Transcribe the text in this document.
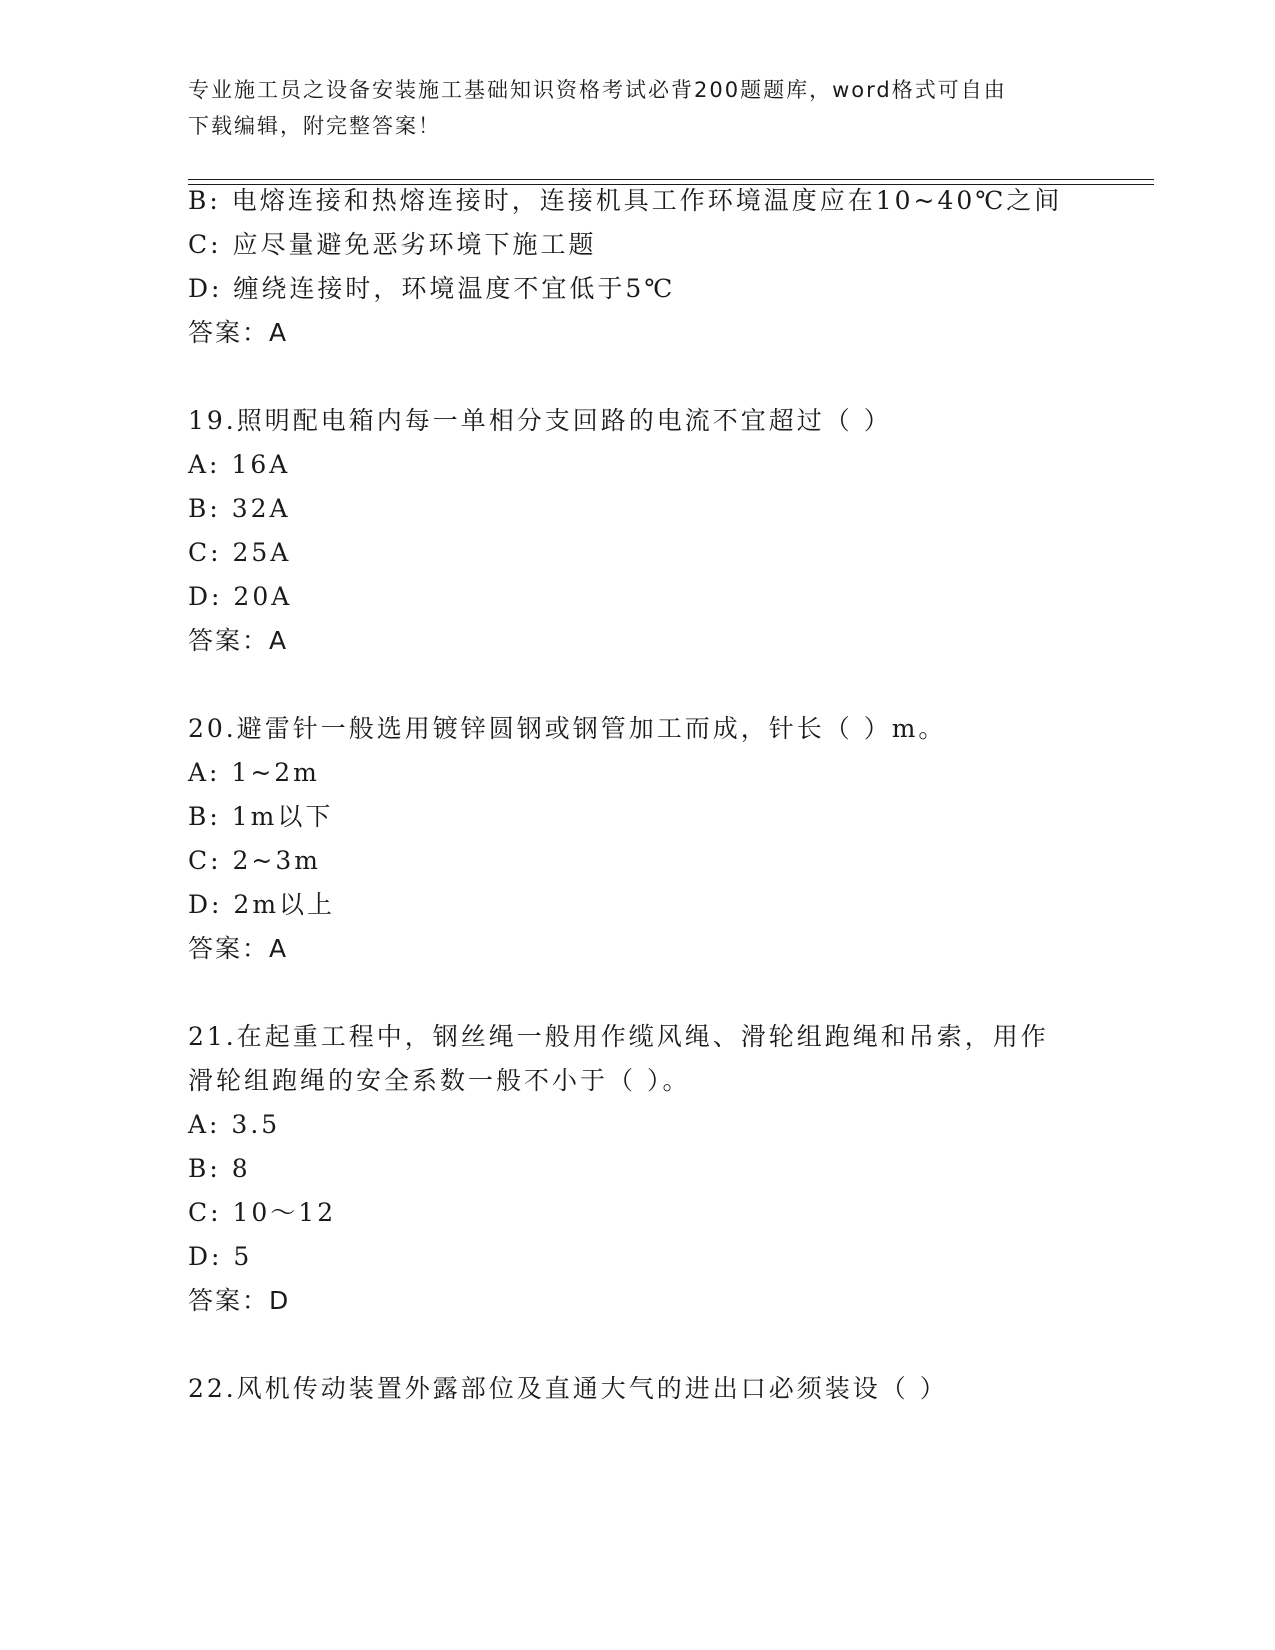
专业施工员之设备安装施工基础知识资格考试必背200题题库，word格式可自由
下载编辑，附完整答案！
B: 电熔连接和热熔连接时，连接机具工作环境温度应在10~40℃之间
C: 应尽量避免恶劣环境下施工题
D: 缠绕连接时，环境温度不宜低于5℃
答案：A
19.照明配电箱内每一单相分支回路的电流不宜超过（ ）
A: 16A
B: 32A
C: 25A
D: 20A
答案：A
20.避雷针一般选用镀锌圆钢或钢管加工而成，针长（ ）m。
A: 1~2m
B: 1m以下
C: 2~3m
D: 2m以上
答案：A
21.在起重工程中，钢丝绳一般用作缆风绳、滑轮组跑绳和吊索，用作
滑轮组跑绳的安全系数一般不小于（ ）。
A: 3.5
B: 8
C: 10～12
D: 5
答案：D
22.风机传动装置外露部位及直通大气的进出口必须装设（ ）
